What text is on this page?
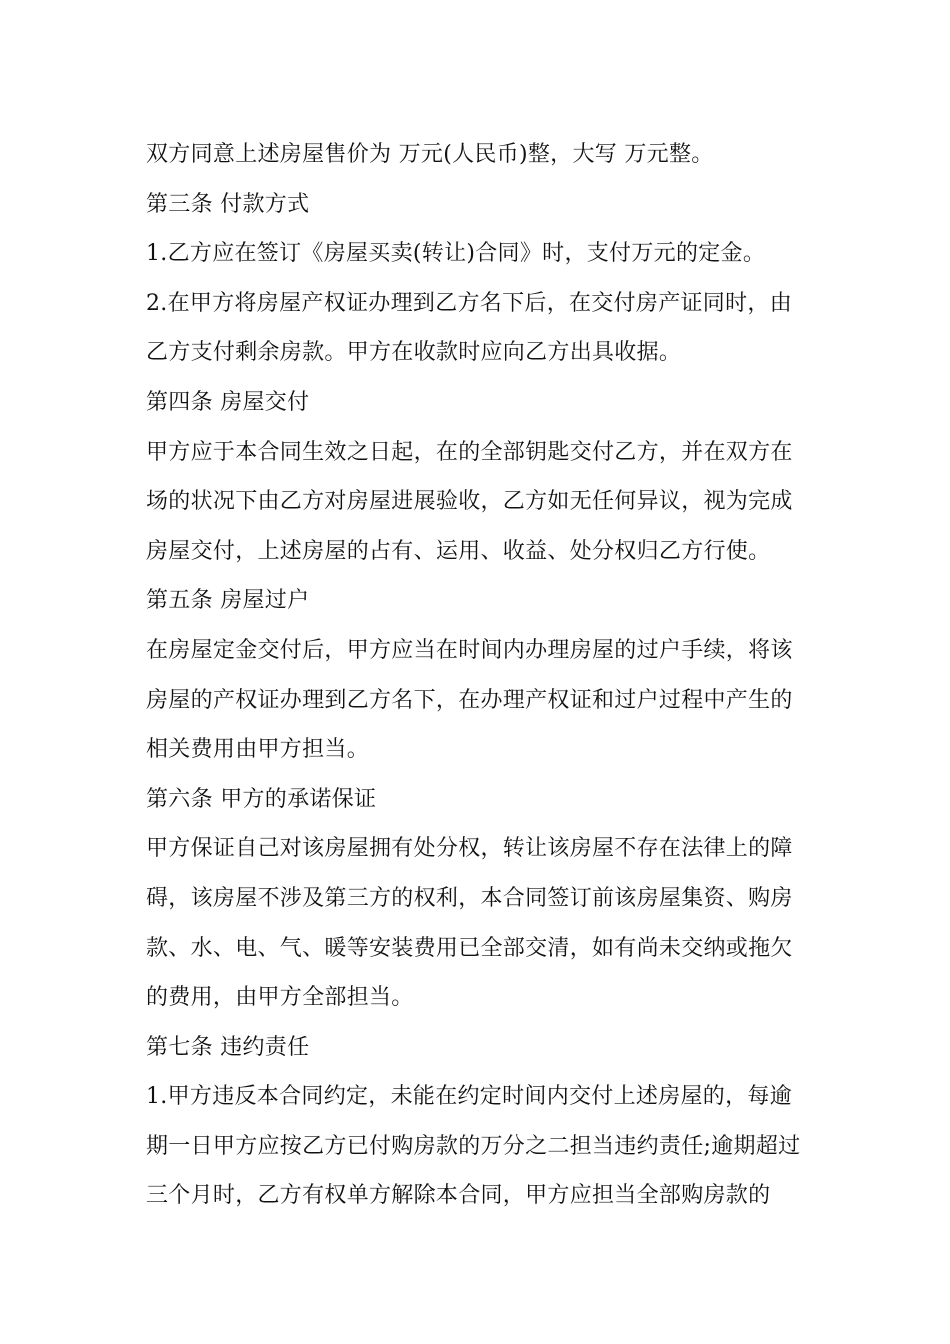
双方同意上述房屋售价为 万元(人民币)整，大写 万元整。
第三条 付款方式
1.乙方应在签订《房屋买卖(转让)合同》时，支付万元的定金。
2.在甲方将房屋产权证办理到乙方名下后，在交付房产证同时，由
乙方支付剩余房款。甲方在收款时应向乙方出具收据。
第四条 房屋交付
甲方应于本合同生效之日起，在的全部钥匙交付乙方，并在双方在
场的状况下由乙方对房屋进展验收，乙方如无任何异议，视为完成
房屋交付，上述房屋的占有、运用、收益、处分权归乙方行使。
第五条 房屋过户
在房屋定金交付后，甲方应当在时间内办理房屋的过户手续，将该
房屋的产权证办理到乙方名下，在办理产权证和过户过程中产生的
相关费用由甲方担当。
第六条 甲方的承诺保证
甲方保证自己对该房屋拥有处分权，转让该房屋不存在法律上的障
碍，该房屋不涉及第三方的权利，本合同签订前该房屋集资、购房
款、水、电、气、暖等安装费用已全部交清，如有尚未交纳或拖欠
的费用，由甲方全部担当。
第七条 违约责任
1.甲方违反本合同约定，未能在约定时间内交付上述房屋的，每逾
期一日甲方应按乙方已付购房款的万分之二担当违约责任;逾期超过
三个月时，乙方有权单方解除本合同，甲方应担当全部购房款的
